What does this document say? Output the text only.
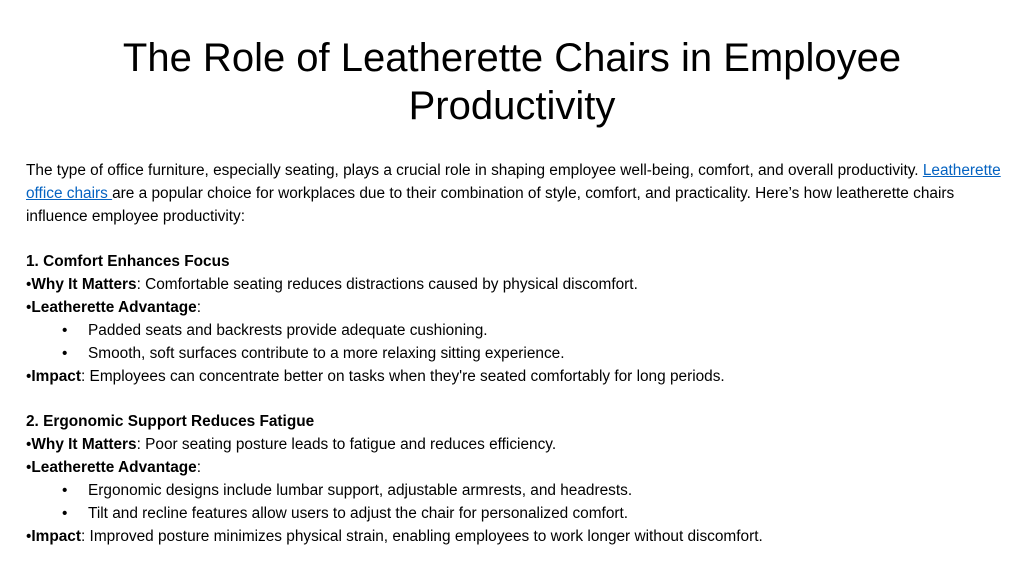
The Role of Leatherette Chairs in Employee Productivity

The type of office furniture, especially seating, plays a crucial role in shaping employee well-being, comfort, and overall productivity. Leatherette office chairs are a popular choice for workplaces due to their combination of style, comfort, and practicality. Here’s how leatherette chairs influence employee productivity:

1. Comfort Enhances Focus

•Why It Matters: Comfortable seating reduces distractions caused by physical discomfort.

•Leatherette Advantage:

• Padded seats and backrests provide adequate cushioning.

• Smooth, soft surfaces contribute to a more relaxing sitting experience.

•Impact: Employees can concentrate better on tasks when they're seated comfortably for long periods.

2. Ergonomic Support Reduces Fatigue

•Why It Matters: Poor seating posture leads to fatigue and reduces efficiency.

•Leatherette Advantage:

• Ergonomic designs include lumbar support, adjustable armrests, and headrests.

• Tilt and recline features allow users to adjust the chair for personalized comfort.

•Impact: Improved posture minimizes physical strain, enabling employees to work longer without discomfort.
